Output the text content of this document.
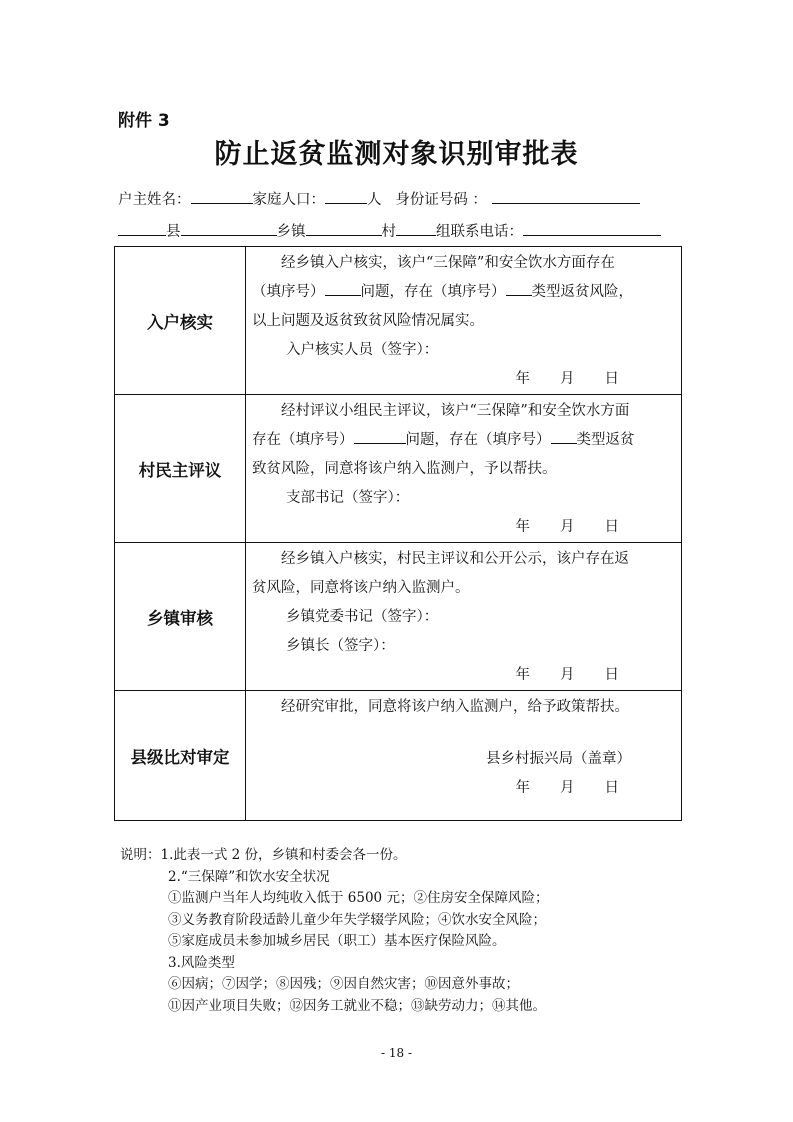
附件 3
防止返贫监测对象识别审批表
户主姓名：	家庭人口：	人 身份证号码 ：
县	乡镇	村	组联系电话：
入户核实	经乡镇入户核实，该户“三保障”和安全饮水方面存在
（填序号） 问题，存在（填序号） 类型返贫风险，
以上问题及返贫致贫风险情况属实。
入户核实人员（签字）：
年 月 日

村民主评议	经村评议小组民主评议，该户“三保障”和安全饮水方面
存在（填序号） 问题，存在（填序号） 类型返贫
致贫风险，同意将该户纳入监测户，予以帮扶。
支部书记（签字）：
年 月 日

乡镇审核	经乡镇入户核实，村民主评议和公开公示，该户存在返
贫风险，同意将该户纳入监测户。
乡镇党委书记（签字）：
乡镇长（签字）：
年 月 日

县级比对审定	经研究审批，同意将该户纳入监测户，给予政策帮扶。
县乡村振兴局（盖章）
年 月 日
说明：1.此表一式 2 份，乡镇和村委会各一份。
2.“三保障”和饮水安全状况
①监测户当年人均纯收入低于 6500 元；②住房安全保障风险；
③义务教育阶段适龄儿童少年失学辍学风险；④饮水安全风险；
⑤家庭成员未参加城乡居民（职工）基本医疗保险风险。
3.风险类型
⑥因病；⑦因学；⑧因残；⑨因自然灾害；⑩因意外事故；
⑪因产业项目失败；⑫因务工就业不稳；⑬缺劳动力；⑭其他。
- 18 -
